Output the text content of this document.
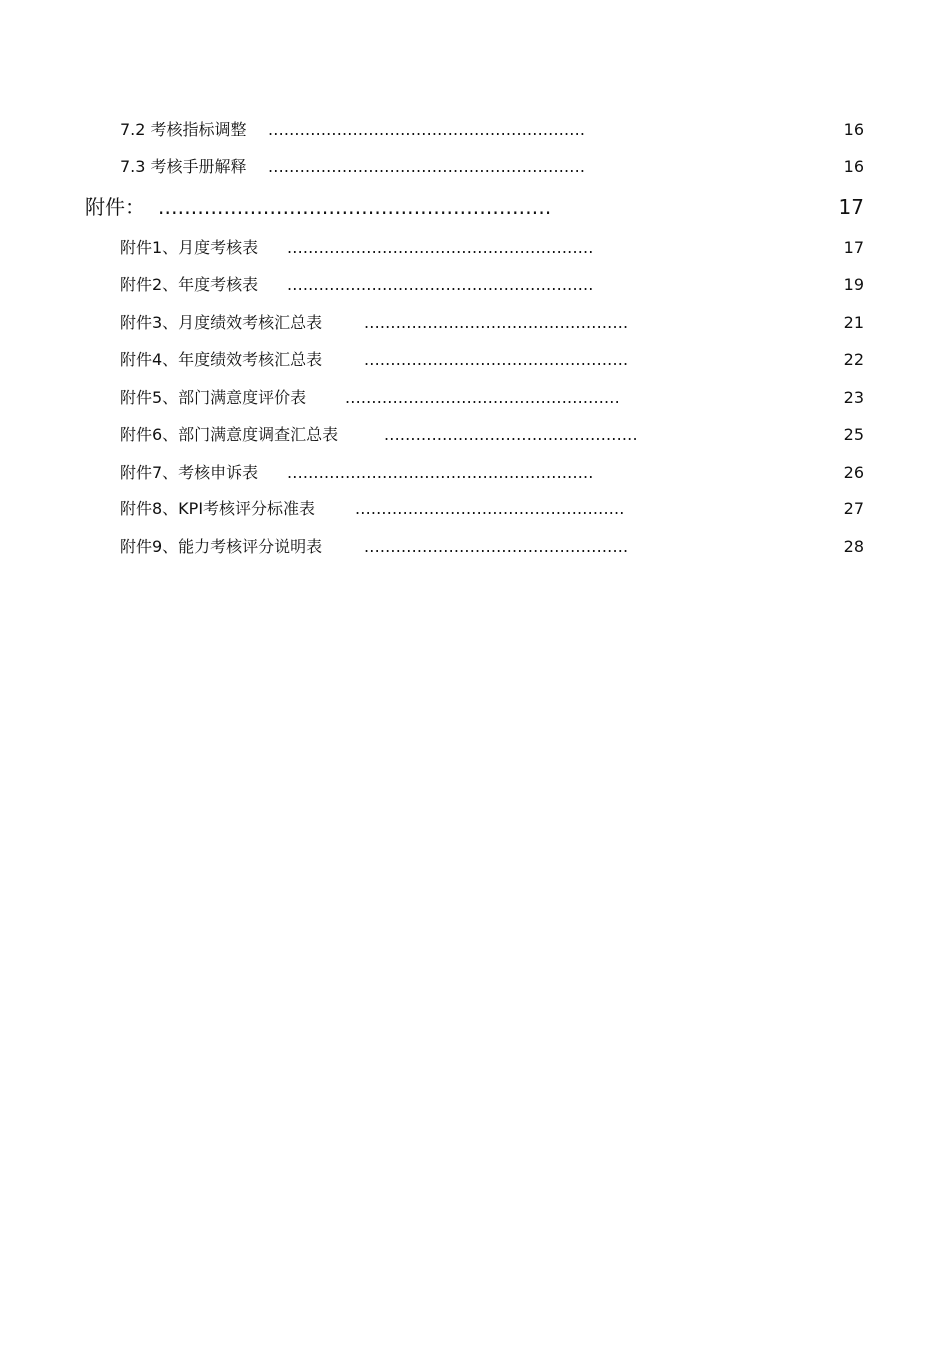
7.2 考核指标调整 ............................................................	16
7.3 考核手册解释 ............................................................	16
附件： ............................................................	17
附件1、月度考核表 ..........................................................	17
附件2、年度考核表 ..........................................................	19
附件3、月度绩效考核汇总表	..................................................	21
附件4、年度绩效考核汇总表	..................................................	22
附件5、部门满意度评价表 ....................................................	23
附件6、部门满意度调查汇总表	................................................	25
附件7、考核申诉表 ..........................................................	26
附件8、KPI考核评分标准表 ...................................................	27
附件9、能力考核评分说明表	..................................................	28
